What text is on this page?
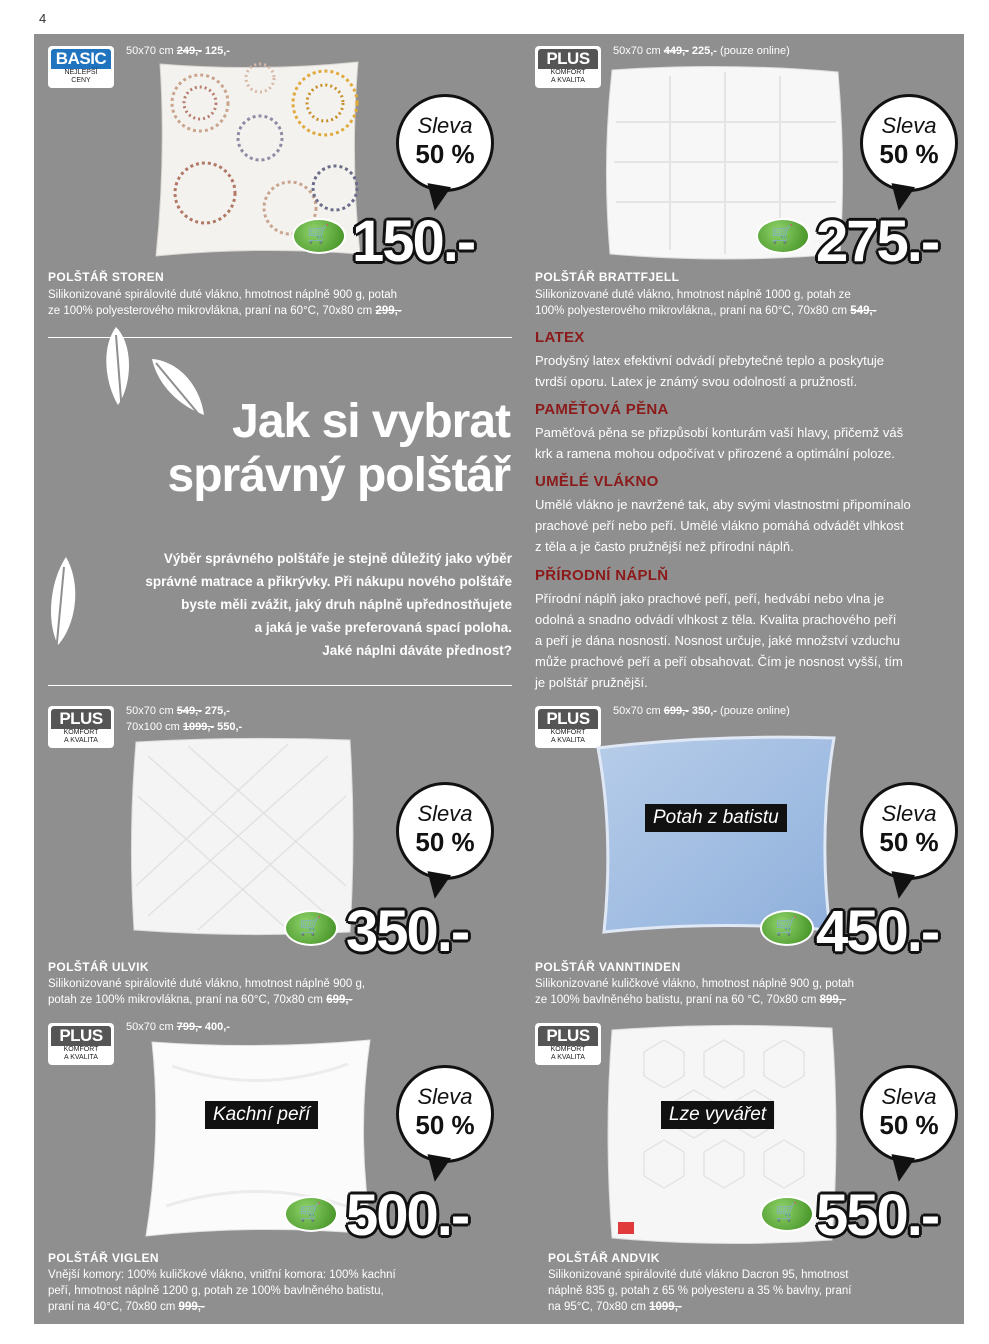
4
BASIC
NEJLEPŠÍ
CENY
50x70 cm 249,- 125,-
Sleva
50 %
🛒 150.-
POLŠTÁŘ STOREN
Silikonizované spirálovité duté vlákno, hmotnost náplně 900 g, potah
ze 100% polyesterového mikrovlákna, praní na 60°C, 70x80 cm 299,-
PLUS
KOMFORT
A KVALITA
50x70 cm 449,- 225,- (pouze online)
Sleva
50 %
🛒 275.-
POLŠTÁŘ BRATTFJELL
Silikonizované duté vlákno, hmotnost náplně 1000 g, potah ze
100% polyesterového mikrovlákna,, praní na 60°C, 70x80 cm 549,-
Jak si vybrat
správný polštář
Výběr správného polštáře je stejně důležitý jako výběr
správné matrace a přikrývky. Při nákupu nového polštáře
byste měli zvážit, jaký druh náplně upřednostňujete
a jaká je vaše preferovaná spací poloha.
Jaké náplni dáváte přednost?
LATEX
Prodyšný latex efektivní odvádí přebytečné teplo a poskytuje
tvrdší oporu. Latex je známý svou odolností a pružností.
PAMĚŤOVÁ PĚNA
Paměťová pěna se přizpůsobí konturám vaší hlavy, přičemž váš
krk a ramena mohou odpočívat v přirozené a optimální poloze.
UMĚLÉ VLÁKNO
Umělé vlákno je navržené tak, aby svými vlastnostmi připomínalo
prachové peří nebo peří. Umělé vlákno pomáhá odvádět vlhkost
z těla a je často pružnější než přírodní náplň.
PŘÍRODNÍ NÁPLŇ
Přírodní náplň jako prachové peří, peří, hedvábí nebo vlna je
odolná a snadno odvádí vlhkost z těla. Kvalita prachového peří
a peří je dána nosností. Nosnost určuje, jaké množství vzduchu
může prachové peří a peří obsahovat. Čím je nosnost vyšší, tím
je polštář pružnější.
PLUS
KOMFORT
A KVALITA
50x70 cm 549,- 275,-
70x100 cm 1099,- 550,-
Sleva
50 %
🛒 350.-
POLŠTÁŘ ULVIK
Silikonizované spirálovité duté vlákno, hmotnost náplně 900 g,
potah ze 100% mikrovlákna, praní na 60°C, 70x80 cm 699,-
PLUS
KOMFORT
A KVALITA
50x70 cm 699,- 350,- (pouze online)
Potah z batistu	Sleva
50 %
🛒 450.-
POLŠTÁŘ VANNTINDEN
Silikonizované kuličkové vlákno, hmotnost náplně 900 g, potah
ze 100% bavlněného batistu, praní na 60 °C, 70x80 cm 899,-
PLUS
KOMFORT
A KVALITA
50x70 cm 799,- 400,-
Kachní peří
Sleva
50 %
🛒 500.-
POLŠTÁŘ VIGLEN
Vnější komory: 100% kuličkové vlákno, vnitřní komora: 100% kachní
peří, hmotnost náplně 1200 g, potah ze 100% bavlněného batistu,
praní na 40°C, 70x80 cm 999,-
PLUS
KOMFORT
A KVALITA
Lze vyvářet
Sleva
50 %
🛒 550.-
POLŠTÁŘ ANDVIK
Silikonizované spirálovité duté vlákno Dacron 95, hmotnost
náplně 835 g, potah z 65 % polyesteru a 35 % bavlny, praní
na 95°C, 70x80 cm 1099,-
